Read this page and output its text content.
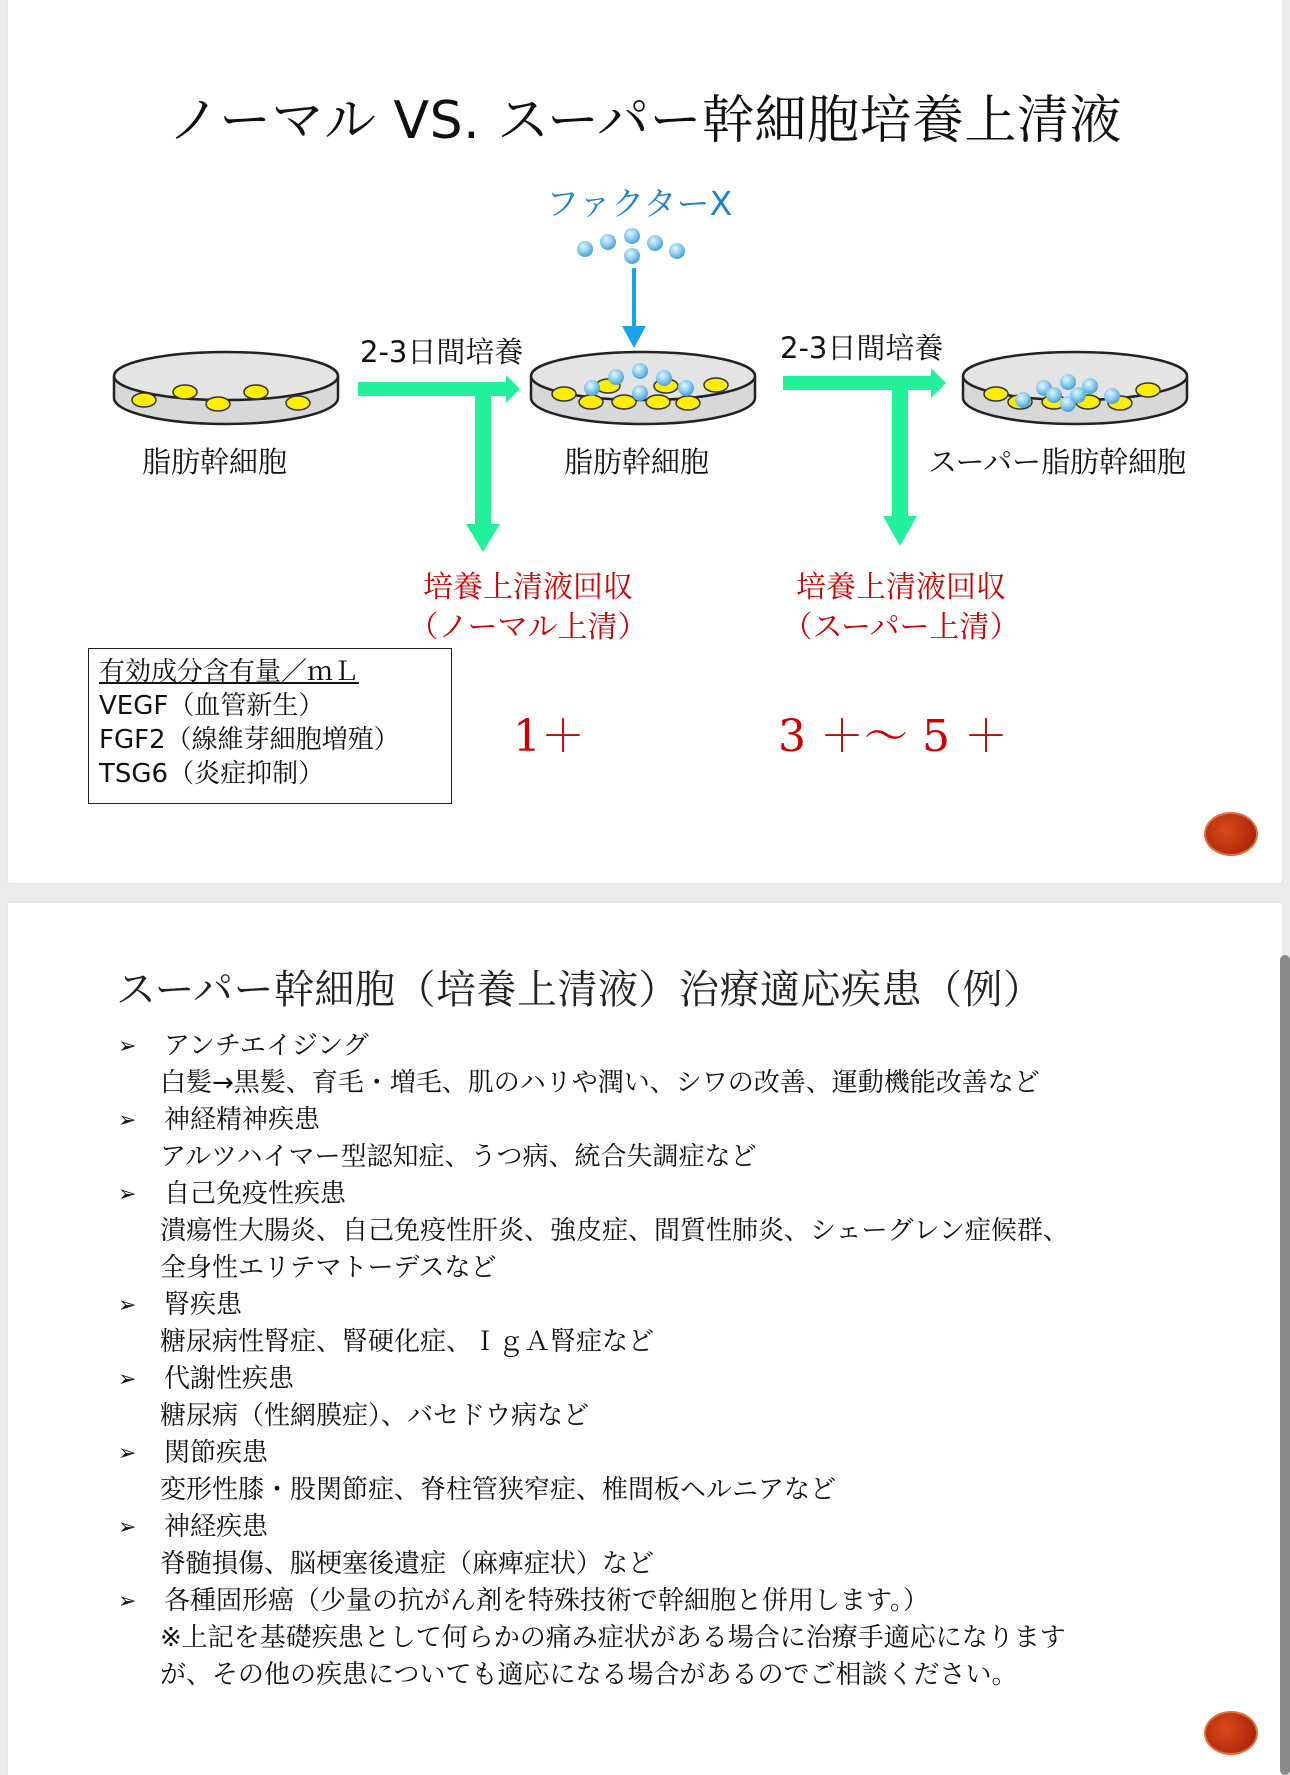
ノーマル VS. スーパー幹細胞培養上清液
ファクターX
2-3日間培養	2-3日間培養
脂肪幹細胞	脂肪幹細胞	スーパー脂肪幹細胞
培養上清液回収
（ノーマル上清）
培養上清液回収
（スーパー上清）
有効成分含有量／ｍＬ
VEGF（血管新生）
FGF2（線維芽細胞増殖）
TSG6（炎症抑制）
1＋	3 ＋～ 5 ＋
スーパー幹細胞（培養上清液）治療適応疾患（例）
➢	アンチエイジング
白髪→黒髪、育毛・増毛、肌のハリや潤い、シワの改善、運動機能改善など
➢	神経精神疾患
アルツハイマー型認知症、うつ病、統合失調症など
➢	自己免疫性疾患
潰瘍性大腸炎、自己免疫性肝炎、強皮症、間質性肺炎、シェーグレン症候群、
全身性エリテマトーデスなど
➢	腎疾患
糖尿病性腎症、腎硬化症、ＩｇＡ腎症など
➢	代謝性疾患
糖尿病（性網膜症）、バセドウ病など
➢	関節疾患
変形性膝・股関節症、脊柱管狭窄症、椎間板ヘルニアなど
➢	神経疾患
脊髄損傷、脳梗塞後遺症（麻痺症状）など
➢	各種固形癌（少量の抗がん剤を特殊技術で幹細胞と併用します。）
※上記を基礎疾患として何らかの痛み症状がある場合に治療手適応になります
が、その他の疾患についても適応になる場合があるのでご相談ください。
